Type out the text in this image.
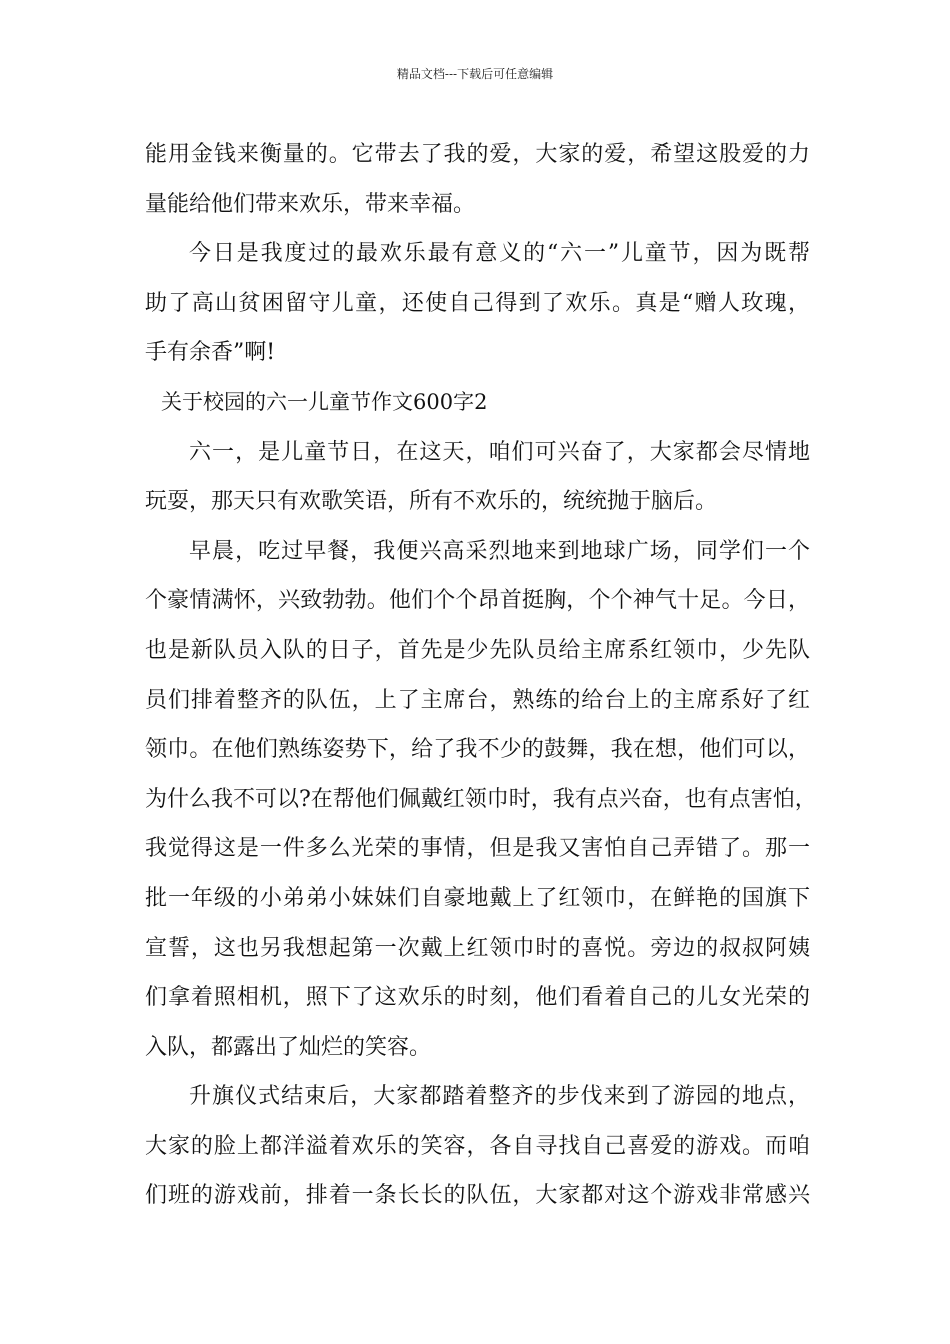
精品文档---下载后可任意编辑
能用金钱来衡量的。它带去了我的爱，大家的爱，希望这股爱的力
量能给他们带来欢乐，带来幸福。
今日是我度过的最欢乐最有意义的“六一”儿童节，因为既帮
助了高山贫困留守儿童，还使自己得到了欢乐。真是“赠人玫瑰，
手有余香”啊!
关于校园的六一儿童节作文600字2
六一，是儿童节日，在这天，咱们可兴奋了，大家都会尽情地
玩耍，那天只有欢歌笑语，所有不欢乐的，统统抛于脑后。
早晨，吃过早餐，我便兴高采烈地来到地球广场，同学们一个
个豪情满怀，兴致勃勃。他们个个昂首挺胸，个个神气十足。今日，
也是新队员入队的日子，首先是少先队员给主席系红领巾，少先队
员们排着整齐的队伍，上了主席台，熟练的给台上的主席系好了红
领巾。在他们熟练姿势下，给了我不少的鼓舞，我在想，他们可以，
为什么我不可以?在帮他们佩戴红领巾时，我有点兴奋，也有点害怕，
我觉得这是一件多么光荣的事情，但是我又害怕自己弄错了。那一
批一年级的小弟弟小妹妹们自豪地戴上了红领巾，在鲜艳的国旗下
宣誓，这也另我想起第一次戴上红领巾时的喜悦。旁边的叔叔阿姨
们拿着照相机，照下了这欢乐的时刻，他们看着自己的儿女光荣的
入队，都露出了灿烂的笑容。
升旗仪式结束后，大家都踏着整齐的步伐来到了游园的地点，
大家的脸上都洋溢着欢乐的笑容，各自寻找自己喜爱的游戏。而咱
们班的游戏前，排着一条长长的队伍，大家都对这个游戏非常感兴
